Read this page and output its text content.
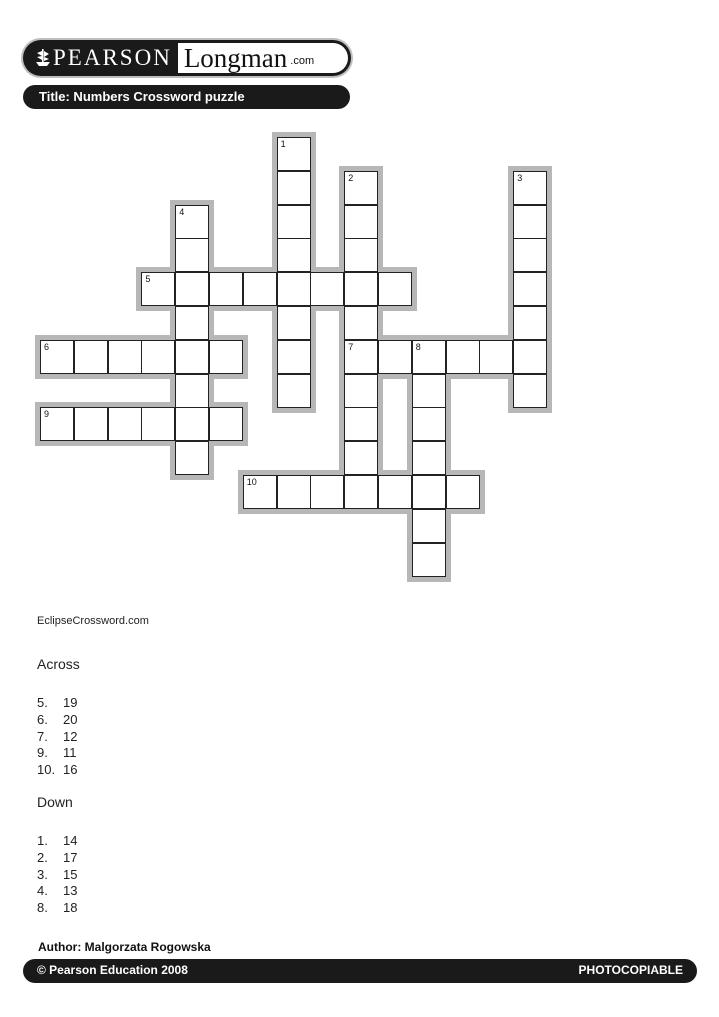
PEARSON Longman .com
Title: Numbers Crossword puzzle
5
6	7	8
9
10
1
2	3
4
EclipseCrossword.com
Across
5. 19
6. 20
7. 12
9. 11
10. 16
Down
1. 14
2. 17
3. 15
4. 13
8. 18
Author: Malgorzata Rogowska
© Pearson Education 2008	PHOTOCOPIABLE
